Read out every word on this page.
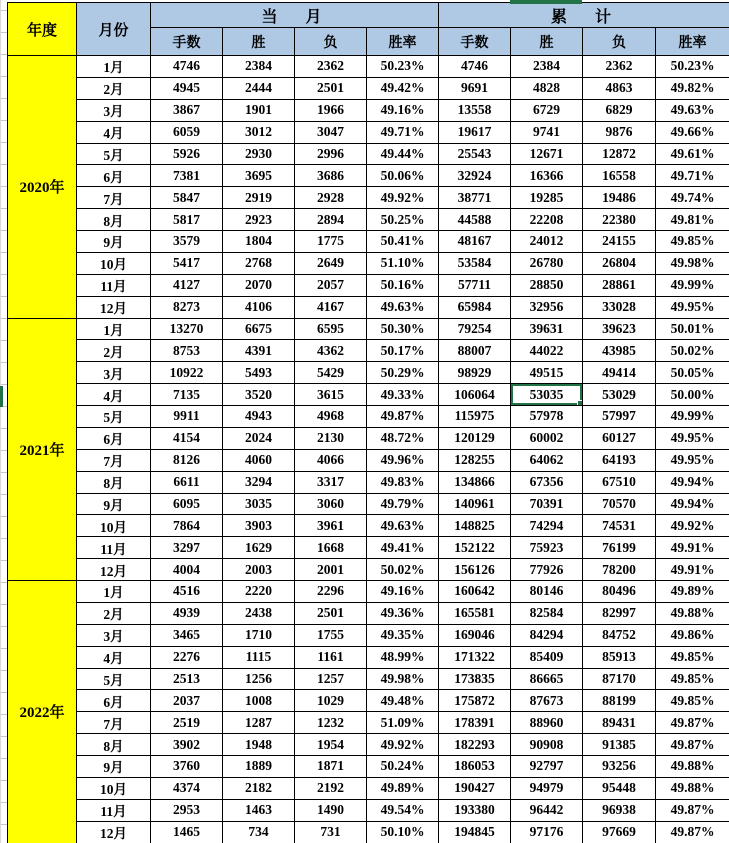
年度	月份	当　月				累　计			
		手数	胜	负	胜率	手数	胜	负	胜率
2020年	1月	4746	2384	2362	50.23%	4746	2384	2362	50.23%
	2月	4945	2444	2501	49.42%	9691	4828	4863	49.82%
	3月	3867	1901	1966	49.16%	13558	6729	6829	49.63%
	4月	6059	3012	3047	49.71%	19617	9741	9876	49.66%
	5月	5926	2930	2996	49.44%	25543	12671	12872	49.61%
	6月	7381	3695	3686	50.06%	32924	16366	16558	49.71%
	7月	5847	2919	2928	49.92%	38771	19285	19486	49.74%
	8月	5817	2923	2894	50.25%	44588	22208	22380	49.81%
	9月	3579	1804	1775	50.41%	48167	24012	24155	49.85%
	10月	5417	2768	2649	51.10%	53584	26780	26804	49.98%
	11月	4127	2070	2057	50.16%	57711	28850	28861	49.99%
	12月	8273	4106	4167	49.63%	65984	32956	33028	49.95%
2021年	1月	13270	6675	6595	50.30%	79254	39631	39623	50.01%
	2月	8753	4391	4362	50.17%	88007	44022	43985	50.02%
	3月	10922	5493	5429	50.29%	98929	49515	49414	50.05%
	4月	7135	3520	3615	49.33%	106064	53035	53029	50.00%
	5月	9911	4943	4968	49.87%	115975	57978	57997	49.99%
	6月	4154	2024	2130	48.72%	120129	60002	60127	49.95%
	7月	8126	4060	4066	49.96%	128255	64062	64193	49.95%
	8月	6611	3294	3317	49.83%	134866	67356	67510	49.94%
	9月	6095	3035	3060	49.79%	140961	70391	70570	49.94%
	10月	7864	3903	3961	49.63%	148825	74294	74531	49.92%
	11月	3297	1629	1668	49.41%	152122	75923	76199	49.91%
	12月	4004	2003	2001	50.02%	156126	77926	78200	49.91%
2022年	1月	4516	2220	2296	49.16%	160642	80146	80496	49.89%
	2月	4939	2438	2501	49.36%	165581	82584	82997	49.88%
	3月	3465	1710	1755	49.35%	169046	84294	84752	49.86%
	4月	2276	1115	1161	48.99%	171322	85409	85913	49.85%
	5月	2513	1256	1257	49.98%	173835	86665	87170	49.85%
	6月	2037	1008	1029	49.48%	175872	87673	88199	49.85%
	7月	2519	1287	1232	51.09%	178391	88960	89431	49.87%
	8月	3902	1948	1954	49.92%	182293	90908	91385	49.87%
	9月	3760	1889	1871	50.24%	186053	92797	93256	49.88%
	10月	4374	2182	2192	49.89%	190427	94979	95448	49.88%
	11月	2953	1463	1490	49.54%	193380	96442	96938	49.87%
	12月	1465	734	731	50.10%	194845	97176	97669	49.87%
